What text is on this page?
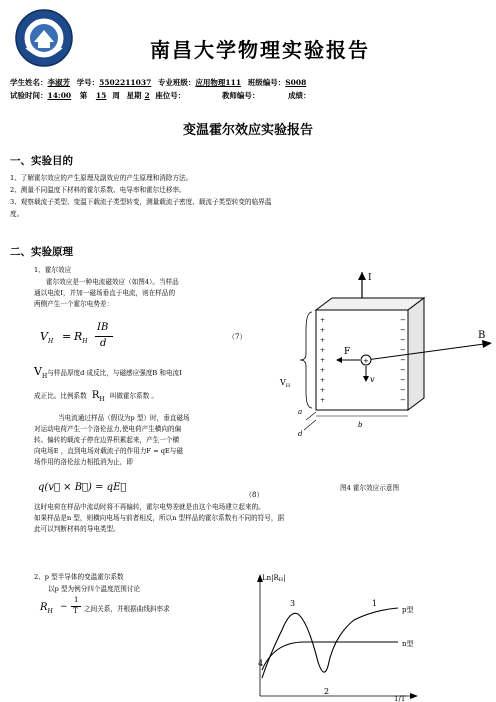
南昌大学物理实验报告
学生姓名：李淑芳 学号：5502211037 专业班级：应用物理111 班级编号：S008
试验时间：14:00 第 15 周 星期 2 座位号：	教师编号：	成绩：
变温霍尔效应实验报告
一、实验目的
1、了解霍尔效应的产生原理及副效应的产生原理和消除方法。
2、测量不同温度下材料的霍尔系数、电导率和霍尔迁移率。
3、观察载流子类型、变温下载流子类型转变，测量载流子密度、载流子类型转变的临界温
度。
二、实验原理
1、霍尔效应
霍尔效应是一种电流磁效应（如图4）。当样品
通以电流I，并加一磁场垂直于电流，则在样品的
两侧产生一个霍尔电势差：
$V_H = R_H$
IB
d
（7）
$V_H$与样品厚度d 成反比，与磁感应强度B 和电流I
成正比。比例系数 $R_H$ 叫做霍尔系数 。
当电流通过样品（假设为p 型）时，垂直磁场
对运动电荷产生一个洛伦兹力,使电荷产生横向的偏
转。偏转的载流子停在边界积累起来，产生一个横
向电场E ，直到电场对载流子的作用力F = qE与磁
场作用的洛伦兹力相抵消为止，即
q(v⃗ × B⃗) = qE⃗
（8）
这时电荷在样品中流动时将不再偏转，霍尔电势差就是由这个电场建立起来的。
如果样品是n 型，则横向电场与前者相反，所以n 型样品的霍尔系数有不同的符号，据
此可以判断材料的导电类型。
I
+
+
+
+
+
+
+
+
+
−
−
−
−
−
−
−
−
−
B
+
F
v
$V_H$
b
a
d
图4 霍尔效应示意图
2、p 型半导体的变温霍尔系数
以p 型为例分四个温度范围讨论
$R_H$ −
1
T 之间关系，并根据曲线斜率求
Ln|RH|
1/T
p型
n型
1
2
3
4
